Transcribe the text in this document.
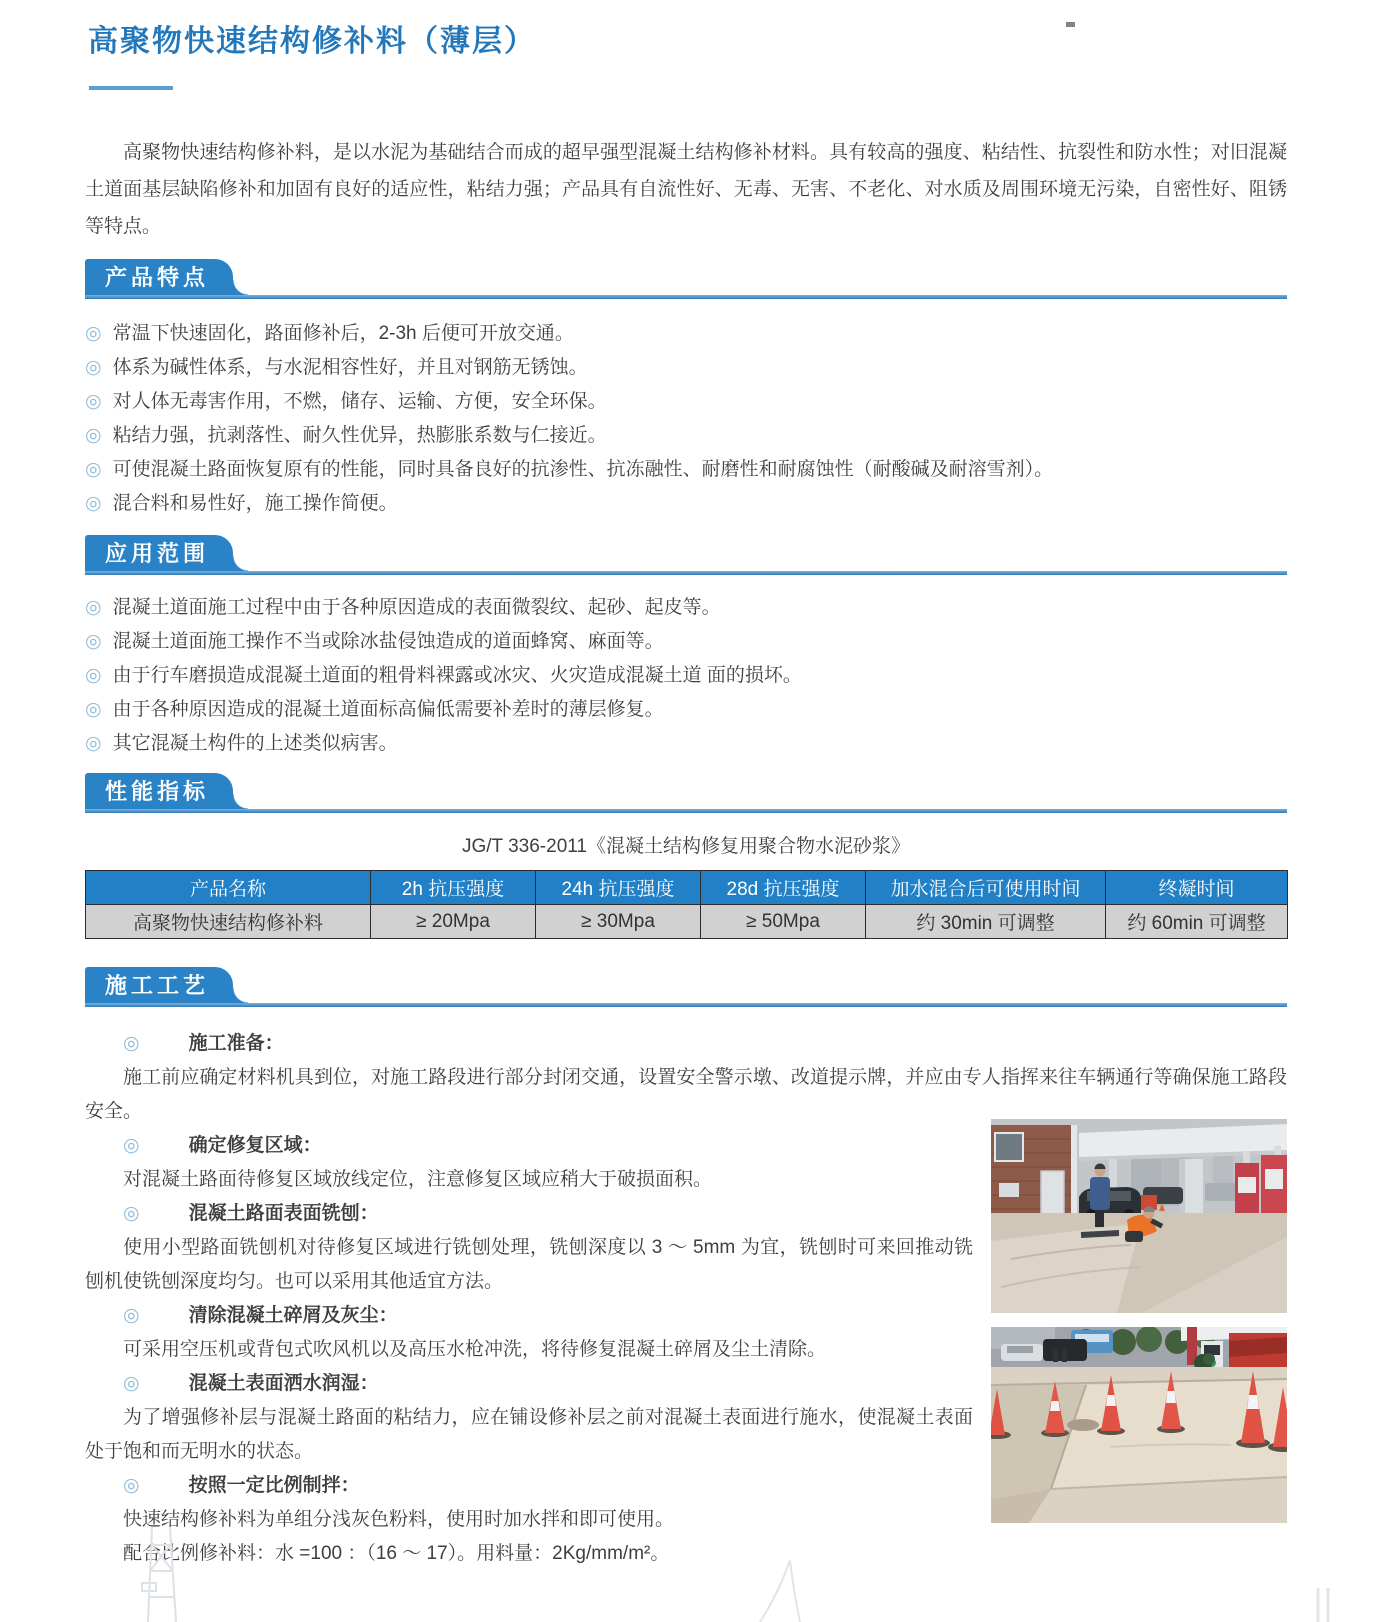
高聚物快速结构修补料（薄层）

高聚物快速结构修补料，是以水泥为基础结合而成的超早强型混凝土结构修补材料。具有较高的强度、粘结性、抗裂性和防水性；对旧混凝土道面基层缺陷修补和加固有良好的适应性，粘结力强；产品具有自流性好、无毒、无害、不老化、对水质及周围环境无污染，自密性好、阻锈等特点。

产品特点
◎ 常温下快速固化，路面修补后，2-3h 后便可开放交通。
◎ 体系为碱性体系，与水泥相容性好，并且对钢筋无锈蚀。
◎ 对人体无毒害作用，不燃，储存、运输、方便，安全环保。
◎ 粘结力强，抗剥落性、耐久性优异，热膨胀系数与仁接近。
◎ 可使混凝土路面恢复原有的性能，同时具备良好的抗渗性、抗冻融性、耐磨性和耐腐蚀性（耐酸碱及耐溶雪剂）。
◎ 混合料和易性好，施工操作简便。
应用范围
◎ 混凝土道面施工过程中由于各种原因造成的表面微裂纹、起砂、起皮等。
◎ 混凝土道面施工操作不当或除冰盐侵蚀造成的道面蜂窝、麻面等。
◎ 由于行车磨损造成混凝土道面的粗骨料裸露或冰灾、火灾造成混凝土道 面的损坏。
◎ 由于各种原因造成的混凝土道面标高偏低需要补差时的薄层修复。
◎ 其它混凝土构件的上述类似病害。
性能指标

JG/T 336-2011《混凝土结构修复用聚合物水泥砂浆》

产品名称	2h 抗压强度	24h 抗压强度	28d 抗压强度	加水混合后可使用时间	终凝时间
高聚物快速结构修补料	≥ 20Mpa	≥ 30Mpa	≥ 50Mpa	约 30min 可调整	约 60min 可调整
施工工艺

◎	施工准备：

施工前应确定材料机具到位，对施工路段进行部分封闭交通，设置安全警示墩、改道提示牌，并应由专人指挥来往车辆通行等确保施工路段安全。

◎	确定修复区域：

对混凝土路面待修复区域放线定位，注意修复区域应稍大于破损面积。

◎	混凝土路面表面铣刨：

使用小型路面铣刨机对待修复区域进行铣刨处理，铣刨深度以 3 ～ 5mm 为宜，铣刨时可来回推动铣刨机使铣刨深度均匀。也可以采用其他适宜方法。

◎	清除混凝土碎屑及灰尘：

可采用空压机或背包式吹风机以及高压水枪冲洗，将待修复混凝土碎屑及尘土清除。

◎	混凝土表面洒水润湿：

为了增强修补层与混凝土路面的粘结力，应在铺设修补层之前对混凝土表面进行施水，使混凝土表面处于饱和而无明水的状态。

◎	按照一定比例制拌：

快速结构修补料为单组分浅灰色粉料，使用时加水拌和即可使用。

配合比例修补料：水 =100 ：（16 ～ 17）。用料量：2Kg/mm/m²。
